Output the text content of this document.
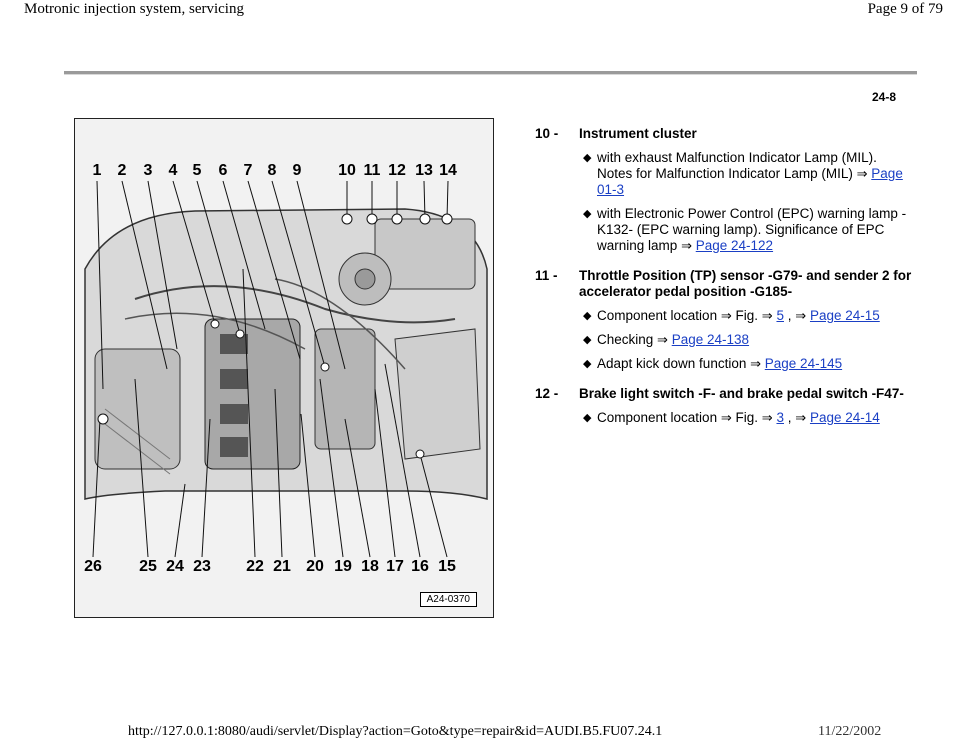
Motronic injection system, servicing	Page 9 of 79
24-8
1 2 3 4 5 6 7 8 9 10 11 12 13 14
26 25 24 23 22 21 20 19 18 17 16 15
A24-0370
10 - Instrument cluster
◆ with exhaust Malfunction Indicator Lamp (MIL). Notes for Malfunction Indicator Lamp (MIL) ⇒ Page 01-3
◆ with Electronic Power Control (EPC) warning lamp -K132- (EPC warning lamp). Significance of EPC warning lamp ⇒ Page 24-122
11 - Throttle Position (TP) sensor -G79- and sender 2 for accelerator pedal position -G185-
◆ Component location ⇒ Fig. ⇒ 5 , ⇒ Page 24-15
◆ Checking ⇒ Page 24-138
◆ Adapt kick down function ⇒ Page 24-145
12 - Brake light switch -F- and brake pedal switch -F47-
◆ Component location ⇒ Fig. ⇒ 3 , ⇒ Page 24-14
http://127.0.0.1:8080/audi/servlet/Display?action=Goto&type=repair&id=AUDI.B5.FU07.24.1	11/22/2002
